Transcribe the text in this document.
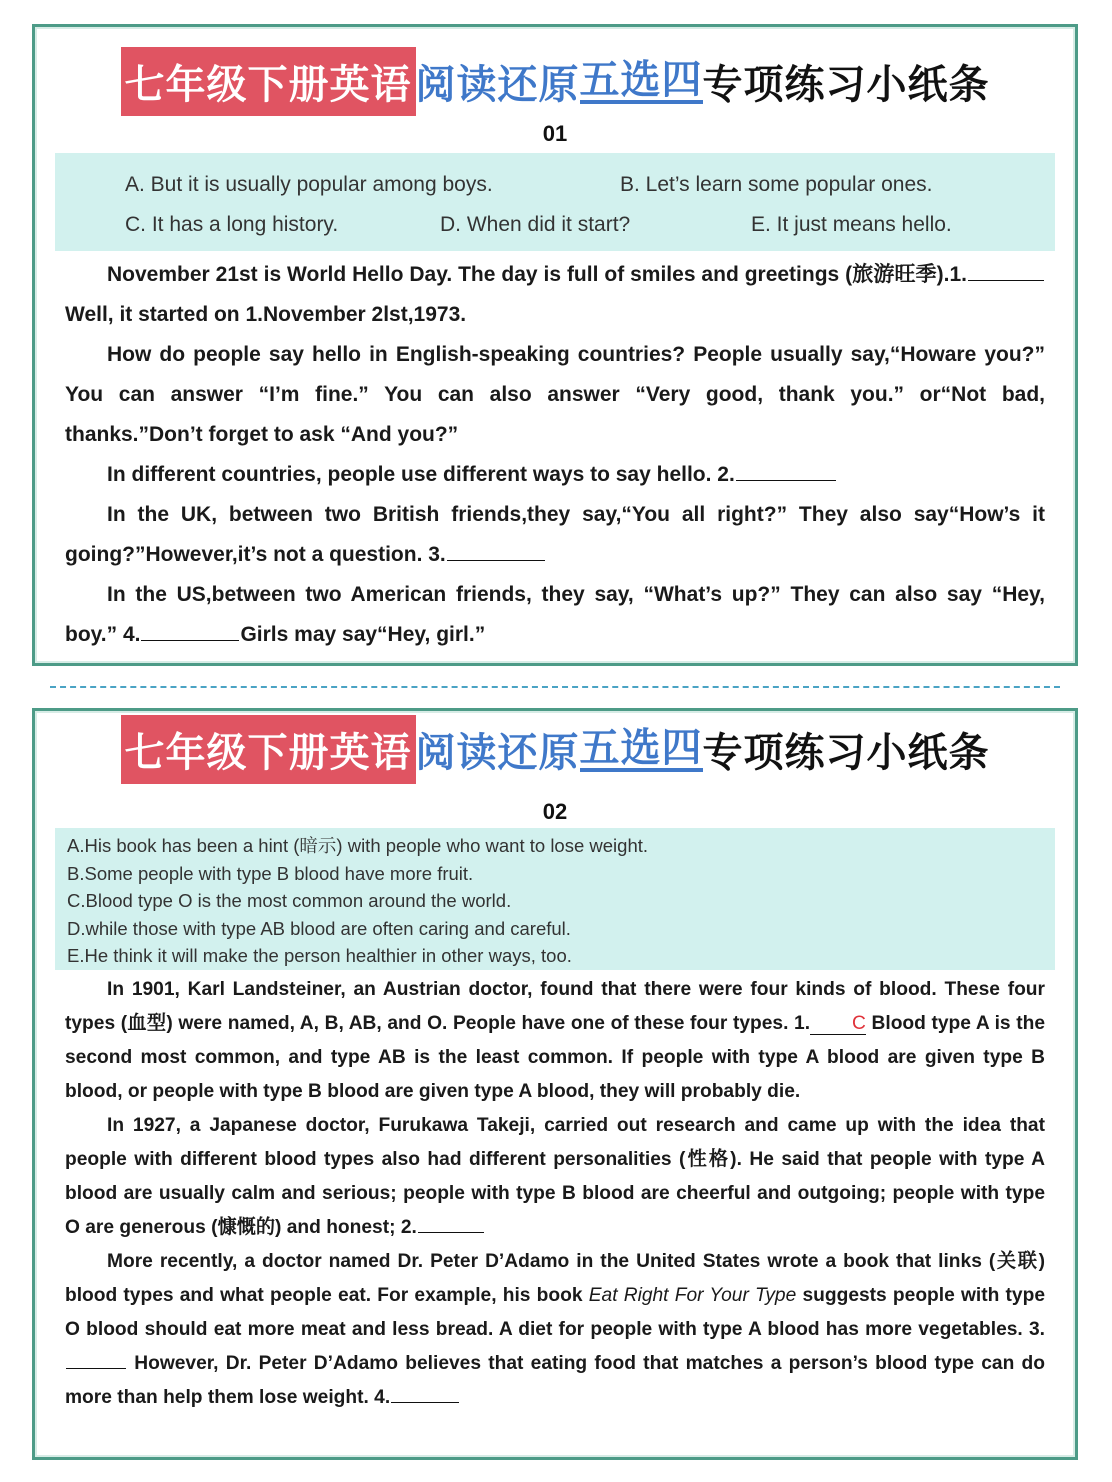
七年级下册英语 阅读还原 五选四 专项练习小纸条
01
A. But it is usually popular among boys.	B. Let’s learn some popular ones.
C. It has a long history.	D. When did it start?	E. It just means hello.

November 21st is World Hello Day. The day is full of smiles and greetings (旅游旺季).1.Well, it started on 1.November 2lst,1973.

How do people say hello in English-speaking countries? People usually say,“Howare you?” You can answer “I’m fine.” You can also answer “Very good, thank you.” or“Not bad, thanks.”Don’t forget to ask “And you?”

In different countries, people use different ways to say hello. 2.

In the UK, between two British friends,they say,“You all right?” They also say“How’s it going?”However,it’s not a question. 3.

In the US,between two American friends, they say, “What’s up?” They can also say “Hey, boy.” 4.	Girls may say“Hey, girl.”

七年级下册英语 阅读还原 五选四 专项练习小纸条
02
A.His book has been a hint (暗示) with people who want to lose weight.
B.Some people with type B blood have more fruit.
C.Blood type O is the most common around the world.
D.while those with type AB blood are often caring and careful.
E.He think it will make the person healthier in other ways, too.

In 1901, Karl Landsteiner, an Austrian doctor, found that there were four kinds of blood. These four types (血型) were named, A, B, AB, and O. People have one of these four types. 1. C Blood type A is the second most common, and type AB is the least common. If people with type A blood are given type B blood, or people with type B blood are given type A blood, they will probably die.

In 1927, a Japanese doctor, Furukawa Takeji, carried out research and came up with the idea that people with different blood types also had different personalities (性格). He said that people with type A blood are usually calm and serious; people with type B blood are cheerful and outgoing; people with type O are generous (慷慨的) and honest; 2.

More recently, a doctor named Dr. Peter D’Adamo in the United States wrote a book that links (关联) blood types and what people eat. For example, his book Eat Right For Your Type suggests people with type O blood should eat more meat and less bread. A diet for people with type A blood has more vegetables. 3. However, Dr. Peter D’Adamo believes that eating food that matches a person’s blood type can do more than help them lose weight. 4.
